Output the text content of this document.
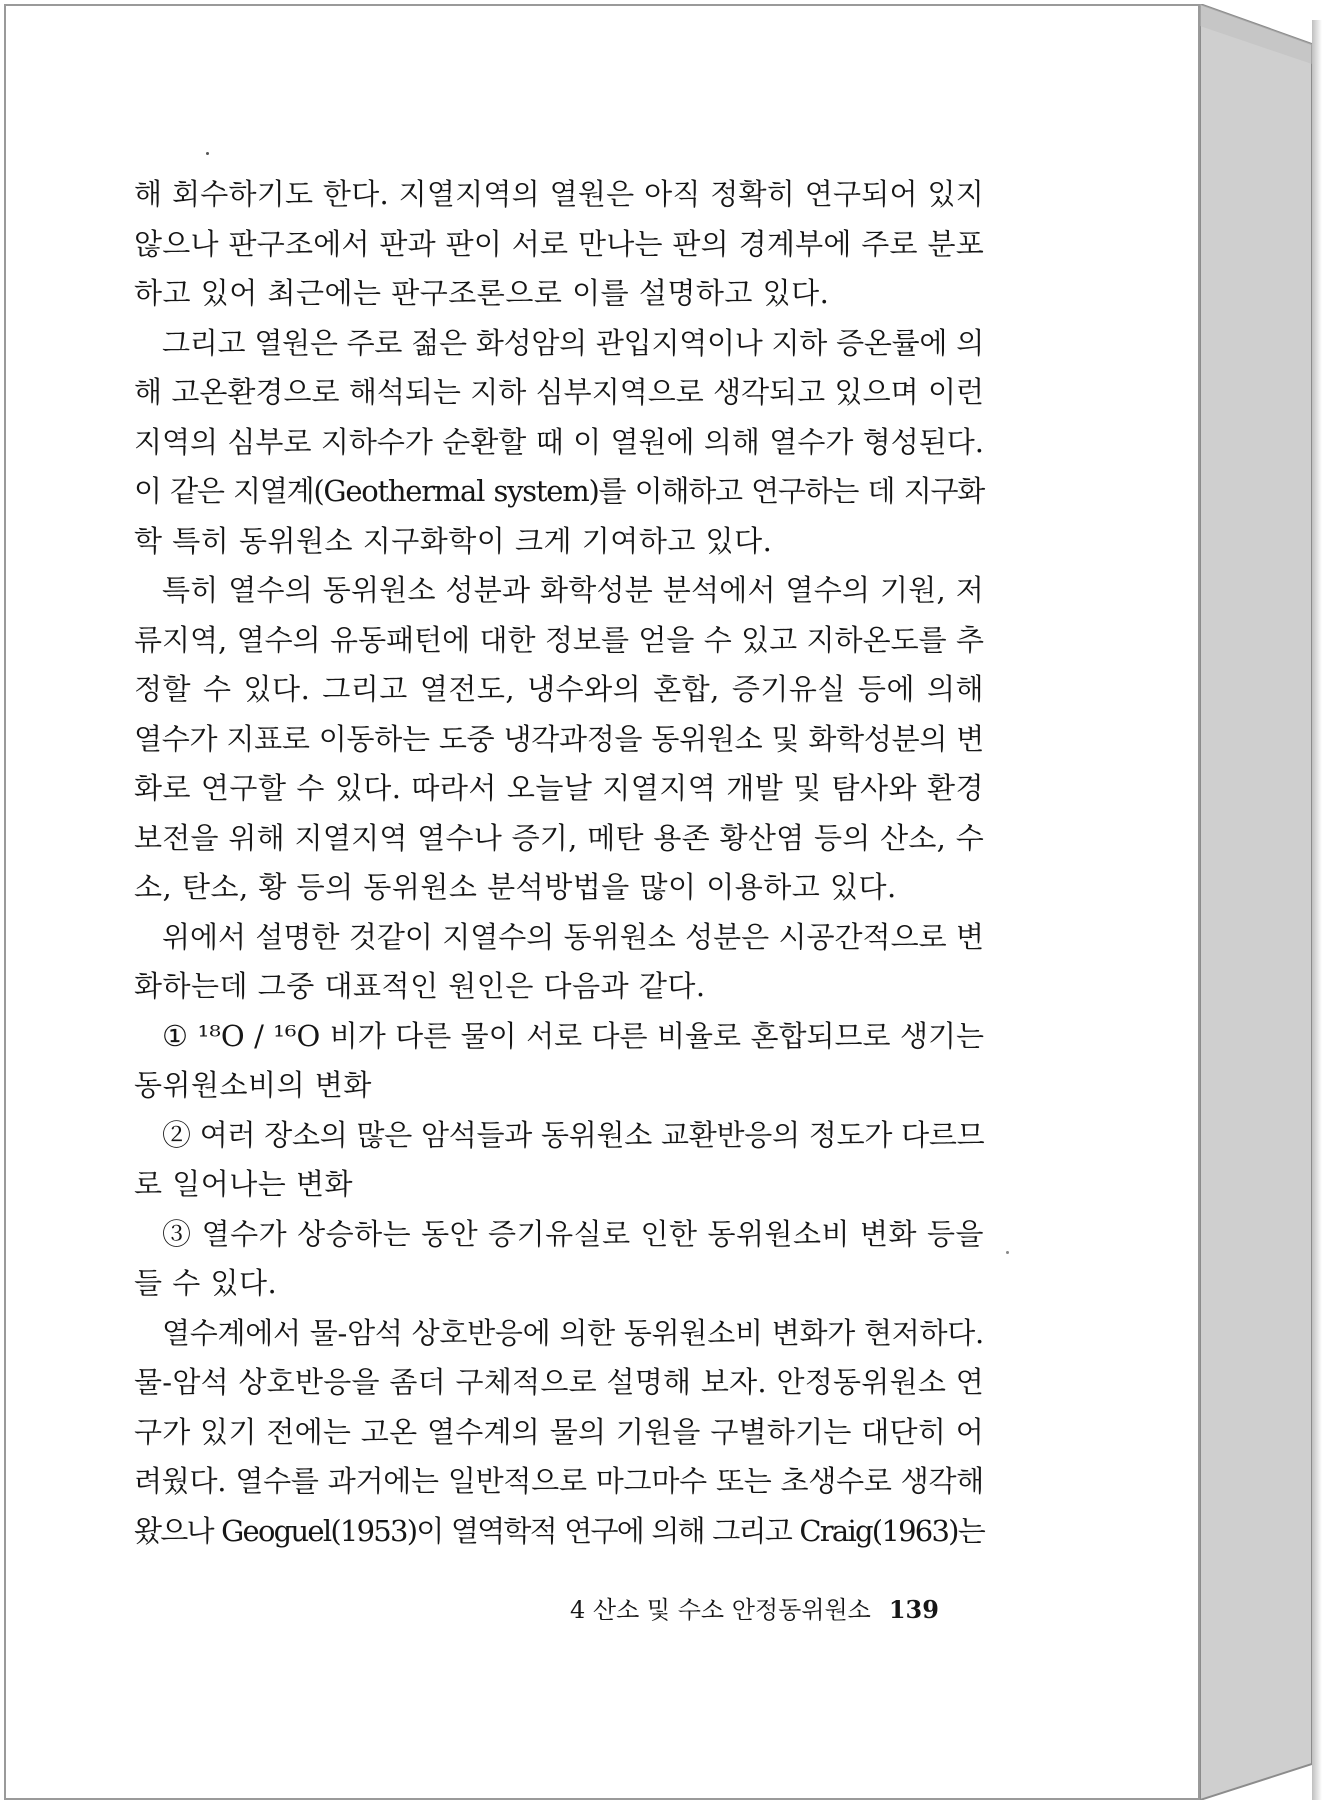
해 회수하기도 한다. 지열지역의 열원은 아직 정확히 연구되어 있지
않으나 판구조에서 판과 판이 서로 만나는 판의 경계부에 주로 분포
하고 있어 최근에는 판구조론으로 이를 설명하고 있다.
그리고 열원은 주로 젊은 화성암의 관입지역이나 지하 증온률에 의
해 고온환경으로 해석되는 지하 심부지역으로 생각되고 있으며 이런
지역의 심부로 지하수가 순환할 때 이 열원에 의해 열수가 형성된다.
이 같은 지열계(Geothermal system)를 이해하고 연구하는 데 지구화
학 특히 동위원소 지구화학이 크게 기여하고 있다.
특히 열수의 동위원소 성분과 화학성분 분석에서 열수의 기원, 저
류지역, 열수의 유동패턴에 대한 정보를 얻을 수 있고 지하온도를 추
정할 수 있다. 그리고 열전도, 냉수와의 혼합, 증기유실 등에 의해
열수가 지표로 이동하는 도중 냉각과정을 동위원소 및 화학성분의 변
화로 연구할 수 있다. 따라서 오늘날 지열지역 개발 및 탐사와 환경
보전을 위해 지열지역 열수나 증기, 메탄 용존 황산염 등의 산소, 수
소, 탄소, 황 등의 동위원소 분석방법을 많이 이용하고 있다.
위에서 설명한 것같이 지열수의 동위원소 성분은 시공간적으로 변
화하는데 그중 대표적인 원인은 다음과 같다.
① ¹⁸O / ¹⁶O 비가 다른 물이 서로 다른 비율로 혼합되므로 생기는
동위원소비의 변화
② 여러 장소의 많은 암석들과 동위원소 교환반응의 정도가 다르므
로 일어나는 변화
③ 열수가 상승하는 동안 증기유실로 인한 동위원소비 변화 등을
들 수 있다.
열수계에서 물-암석 상호반응에 의한 동위원소비 변화가 현저하다.
물-암석 상호반응을 좀더 구체적으로 설명해 보자. 안정동위원소 연
구가 있기 전에는 고온 열수계의 물의 기원을 구별하기는 대단히 어
려웠다. 열수를 과거에는 일반적으로 마그마수 또는 초생수로 생각해
왔으나 Geoguel(1953)이 열역학적 연구에 의해 그리고 Craig(1963)는
4 산소 및 수소 안정동위원소 139
